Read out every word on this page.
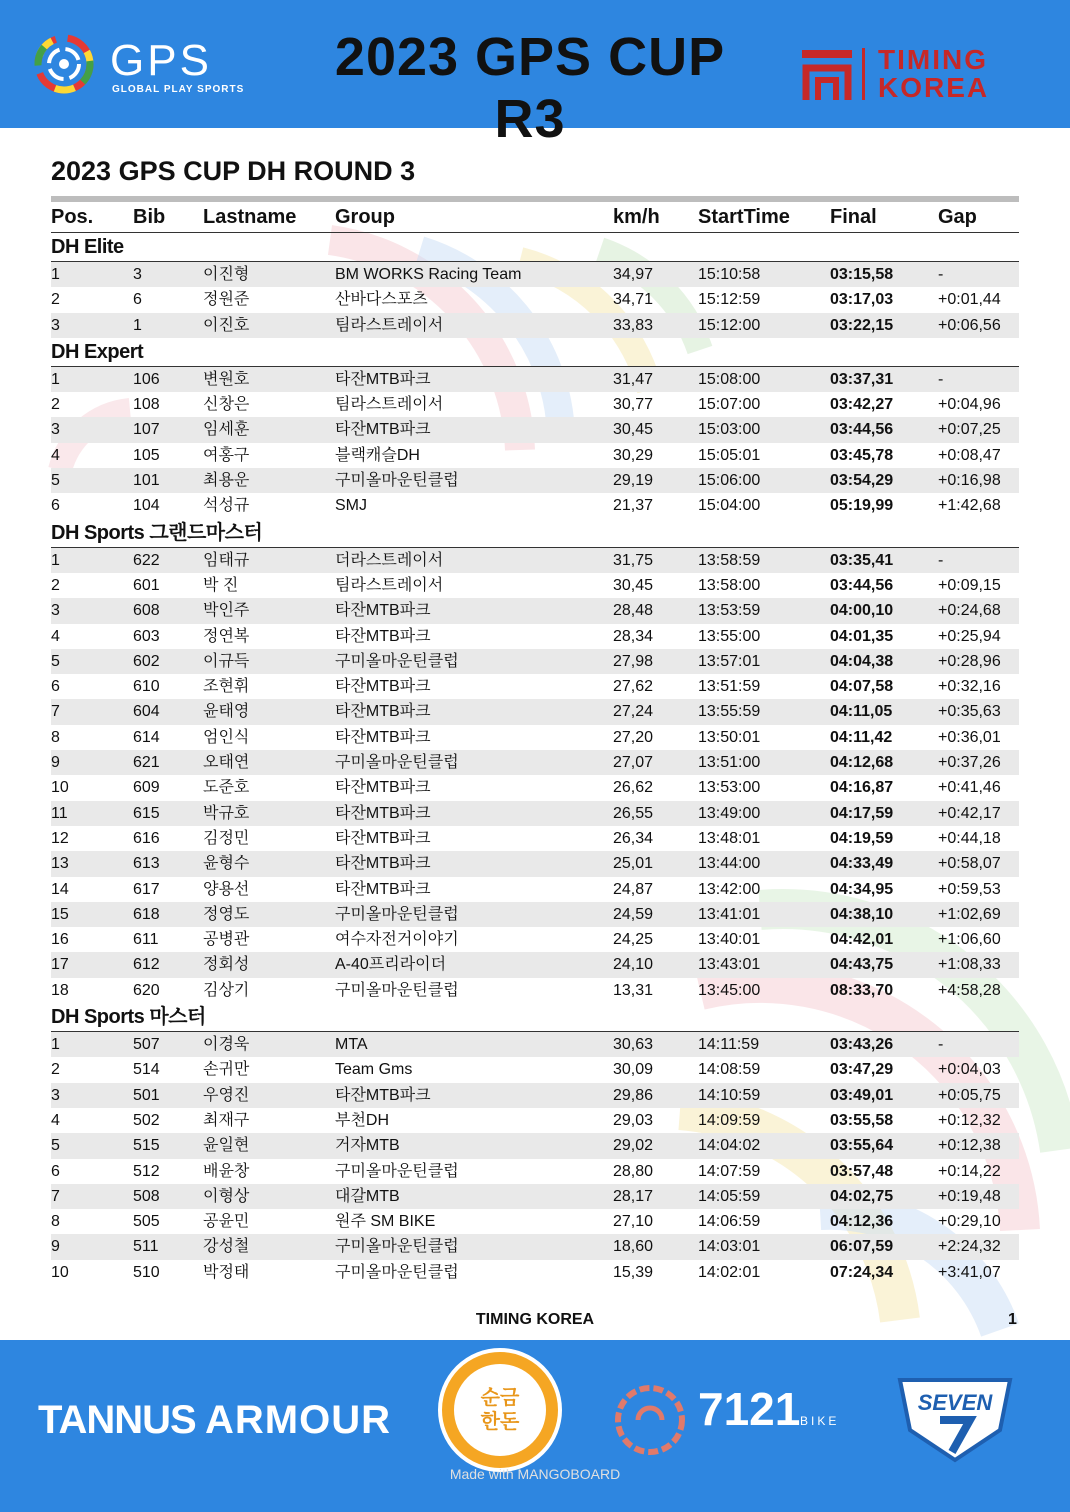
GPS
GLOBAL PLAY SPORTS
2023 GPS CUP R3
TIMING
KOREA
2023 GPS CUP DH ROUND 3
Pos. Bib Lastname Group	km/h StartTime Final	Gap
DH Elite
1	3	이진형	BM WORKS Racing Team	34,97	15:10:58	03:15,58	-
2	6	정원준	산바다스포츠	34,71	15:12:59	03:17,03	+0:01,44
3	1	이진호	팀라스트레이서	33,83	15:12:00	03:22,15	+0:06,56
DH Expert
1	106	변원호	타잔MTB파크	31,47	15:08:00	03:37,31	-
2	108	신창은	팀라스트레이서	30,77	15:07:00	03:42,27	+0:04,96
3	107	임세훈	타잔MTB파크	30,45	15:03:00	03:44,56	+0:07,25
4	105	여홍구	블랙캐슬DH	30,29	15:05:01	03:45,78	+0:08,47
5	101	최용운	구미올마운틴클럽	29,19	15:06:00	03:54,29	+0:16,98
6	104	석성규	SMJ	21,37	15:04:00	05:19,99	+1:42,68
DH Sports 그랜드마스터
1	622	임태규	더라스트레이서	31,75	13:58:59	03:35,41	-
2	601	박 진	팀라스트레이서	30,45	13:58:00	03:44,56	+0:09,15
3	608	박인주	타잔MTB파크	28,48	13:53:59	04:00,10	+0:24,68
4	603	정연복	타잔MTB파크	28,34	13:55:00	04:01,35	+0:25,94
5	602	이규득	구미올마운틴클럽	27,98	13:57:01	04:04,38	+0:28,96
6	610	조현휘	타잔MTB파크	27,62	13:51:59	04:07,58	+0:32,16
7	604	윤태영	타잔MTB파크	27,24	13:55:59	04:11,05	+0:35,63
8	614	엄인식	타잔MTB파크	27,20	13:50:01	04:11,42	+0:36,01
9	621	오태연	구미올마운틴클럽	27,07	13:51:00	04:12,68	+0:37,26
10	609	도준호	타잔MTB파크	26,62	13:53:00	04:16,87	+0:41,46
11	615	박규호	타잔MTB파크	26,55	13:49:00	04:17,59	+0:42,17
12	616	김정민	타잔MTB파크	26,34	13:48:01	04:19,59	+0:44,18
13	613	윤형수	타잔MTB파크	25,01	13:44:00	04:33,49	+0:58,07
14	617	양용선	타잔MTB파크	24,87	13:42:00	04:34,95	+0:59,53
15	618	정영도	구미올마운틴클럽	24,59	13:41:01	04:38,10	+1:02,69
16	611	공병관	여수자전거이야기	24,25	13:40:01	04:42,01	+1:06,60
17	612	정회성	A-40프리라이더	24,10	13:43:01	04:43,75	+1:08,33
18	620	김상기	구미올마운틴클럽	13,31	13:45:00	08:33,70	+4:58,28
DH Sports 마스터
1	507	이경욱	MTA	30,63	14:11:59	03:43,26	-
2	514	손귀만	Team Gms	30,09	14:08:59	03:47,29	+0:04,03
3	501	우영진	타잔MTB파크	29,86	14:10:59	03:49,01	+0:05,75
4	502	최재구	부천DH	29,03	14:09:59	03:55,58	+0:12,32
5	515	윤일현	거자MTB	29,02	14:04:02	03:55,64	+0:12,38
6	512	배윤창	구미올마운틴클럽	28,80	14:07:59	03:57,48	+0:14,22
7	508	이형상	대갈MTB	28,17	14:05:59	04:02,75	+0:19,48
8	505	공윤민	원주 SM BIKE	27,10	14:06:59	04:12,36	+0:29,10
9	511	강성철	구미올마운틴클럽	18,60	14:03:01	06:07,59	+2:24,32
10	510	박정태	구미올마운틴클럽	15,39	14:02:01	07:24,34	+3:41,07
TIMING KOREA	1
TANNUS ARMOUR	순금
한돈	7121 BIKE
SEVEN
Made with MANGOBOARD
